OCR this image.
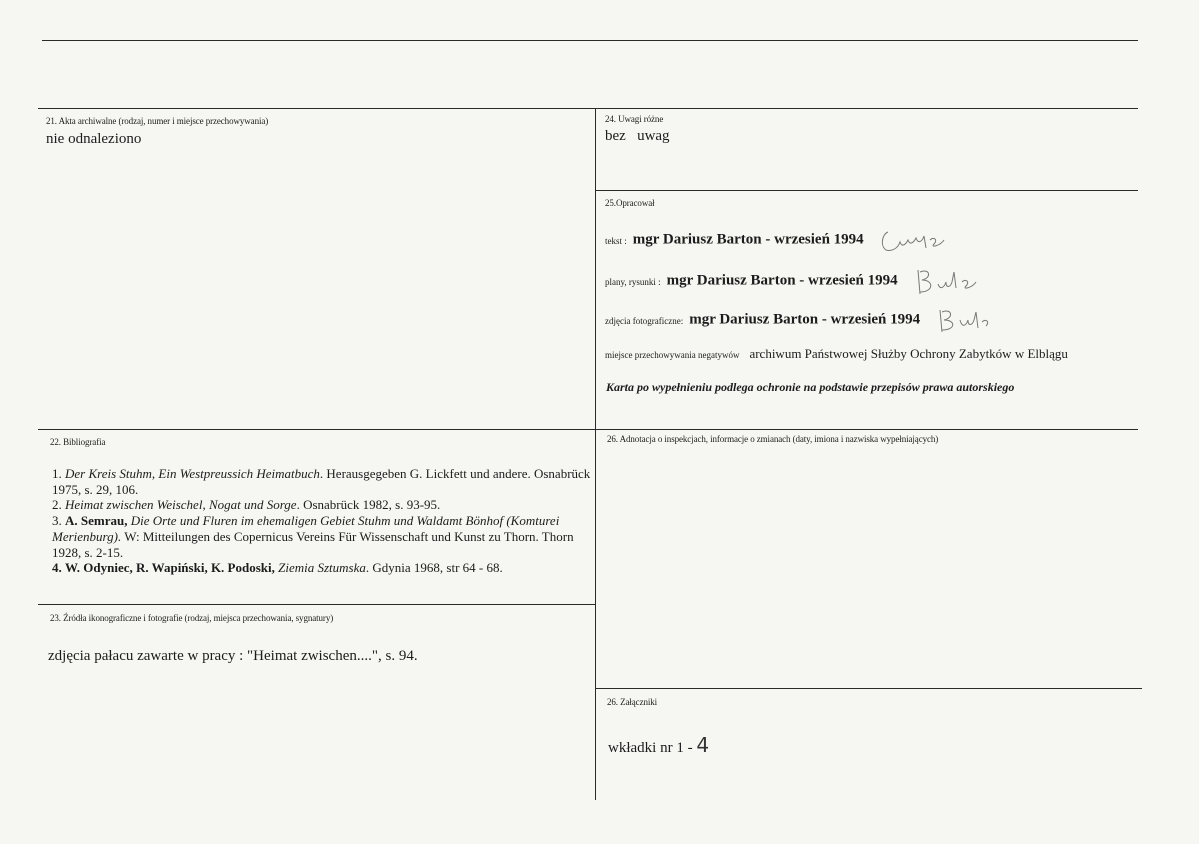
21. Akta archiwalne (rodzaj, numer i miejsce przechowywania)
nie odnaleziono
24. Uwagi różne
bez   uwag
25.Opracował
tekst : mgr Dariusz Barton - wrzesień 1994
plany, rysunki : mgr Dariusz Barton - wrzesień 1994
zdjęcia fotograficzne: mgr Dariusz Barton - wrzesień 1994
miejsce przechowywania negatywów archiwum Państwowej Służby Ochrony Zabytków w Elblągu
Karta po wypełnieniu podlega ochronie na podstawie przepisów prawa autorskiego
22. Bibliografia

1. Der Kreis Stuhm, Ein Westpreussich Heimatbuch. Herausgegeben G. Lickfett und andere. Osnabrück 1975, s. 29, 106.

2. Heimat zwischen Weischel, Nogat und Sorge. Osnabrück 1982, s. 93-95.

3. A. Semrau, Die Orte und Fluren im ehemaligen Gebiet Stuhm und Waldamt Bönhof (Komturei Merienburg). W: Mitteilungen des Copernicus Vereins Für Wissenschaft und Kunst zu Thorn. Thorn 1928, s. 2-15.

4. W. Odyniec, R. Wapiński, K. Podoski, Ziemia Sztumska. Gdynia 1968, str 64 - 68.

23. Źródła ikonograficzne i fotografie (rodzaj, miejsca przechowania, sygnatury)
zdjęcia pałacu zawarte w pracy : "Heimat zwischen....", s. 94.
26. Adnotacja o inspekcjach, informacje o zmianach (daty, imiona i nazwiska wypełniających)
26. Załączniki
wkładki nr 1 - 4
